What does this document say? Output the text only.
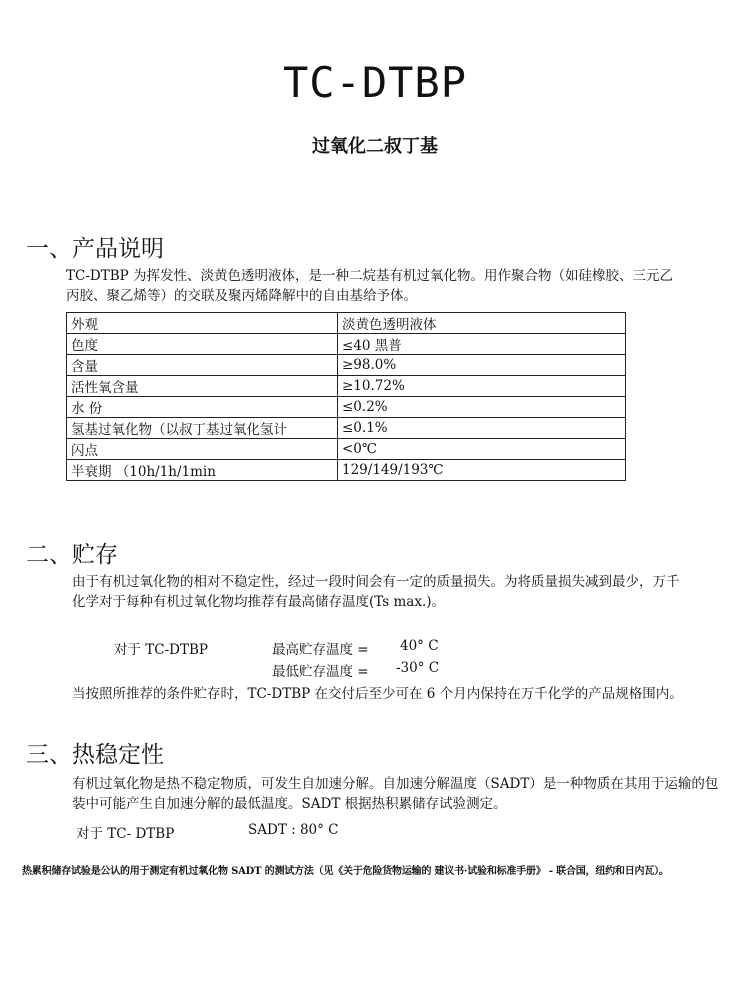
TC-DTBP
过氧化二叔丁基
一、产品说明

TC-DTBP 为挥发性、淡黄色透明液体，是一种二烷基有机过氧化物。用作聚合物（如硅橡胶、三元乙
丙胶、聚乙烯等）的交联及聚丙烯降解中的自由基给予体。

外观	淡黄色透明液体
色度	≤40 黑普
含量	≥98.0%
活性氧含量	≥10.72%
水 份	≤0.2%
氢基过氧化物（以叔丁基过氧化氢计	≤0.1%
闪点	<0℃
半衰期 （10h/1h/1min	129/149/193℃
二、贮存

由于有机过氧化物的相对不稳定性，经过一段时间会有一定的质量损失。为将质量损失减到最少，万千
化学对于每种有机过氧化物均推荐有最高储存温度(Ts max.)。

对于 TC-DTBP	最高贮存温度 = 40° C
最低贮存温度 = -30° C

当按照所推荐的条件贮存时，TC-DTBP 在交付后至少可在 6 个月内保持在万千化学的产品规格围内。

三、热稳定性

有机过氧化物是热不稳定物质，可发生自加速分解。自加速分解温度（SADT）是一种物质在其用于运输的包
装中可能产生自加速分解的最低温度。SADT 根据热积累储存试验测定。

对于 TC- DTBP	SADT : 80° C

热累积储存试验是公认的用于测定有机过氧化物 SADT 的测试方法（见《关于危险货物运输的 建议书·试验和标准手册》 - 联合国，纽约和日内瓦）。
